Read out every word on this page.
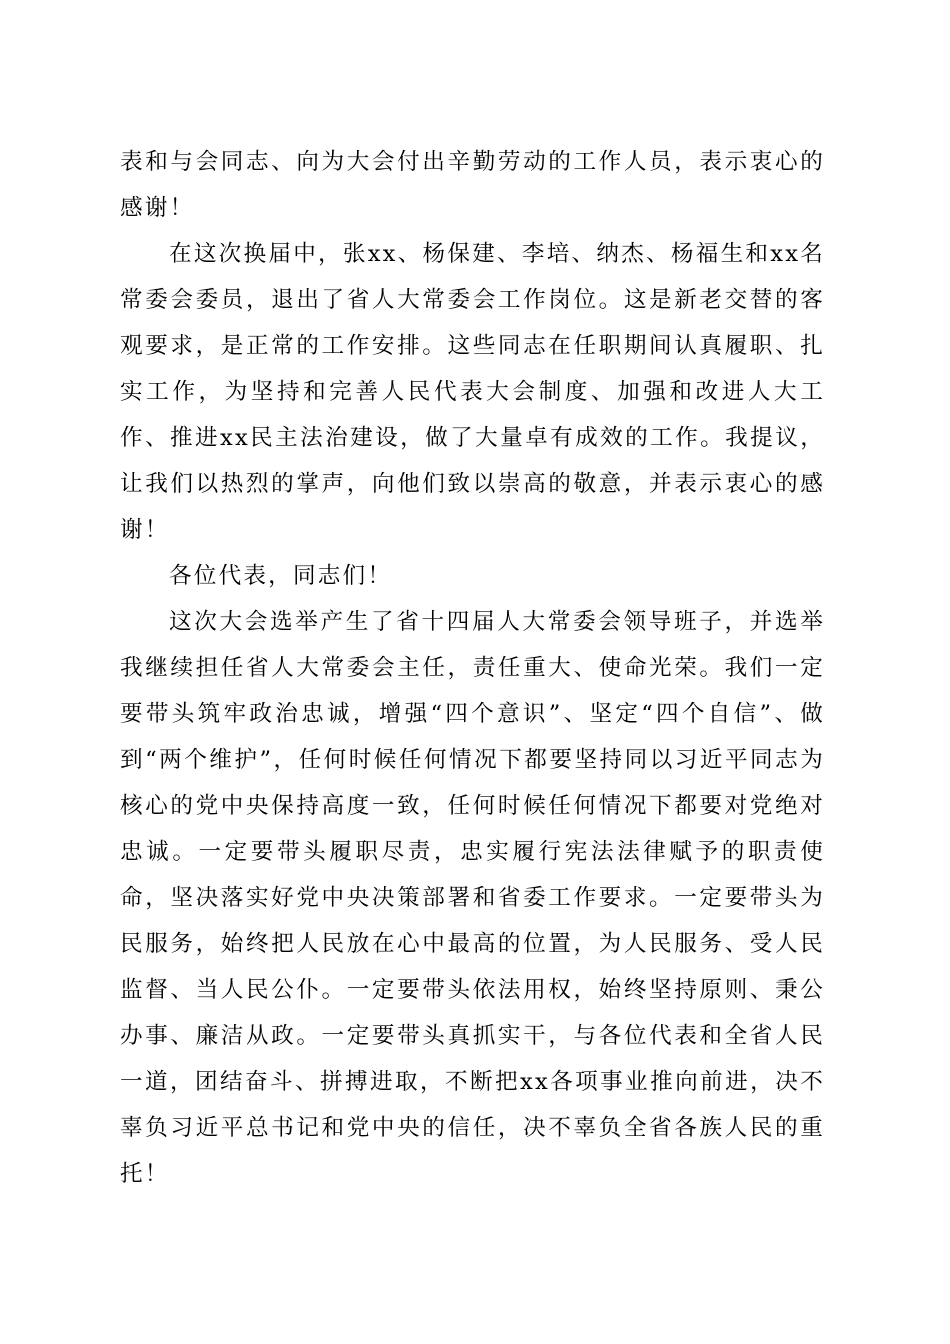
表和与会同志、向为大会付出辛勤劳动的工作人员，表示衷心的感谢！

在这次换届中，张xx、杨保建、李培、纳杰、杨福生和xx名常委会委员，退出了省人大常委会工作岗位。这是新老交替的客观要求，是正常的工作安排。这些同志在任职期间认真履职、扎实工作，为坚持和完善人民代表大会制度、加强和改进人大工作、推进xx民主法治建设，做了大量卓有成效的工作。我提议，让我们以热烈的掌声，向他们致以崇高的敬意，并表示衷心的感谢！

各位代表，同志们！

这次大会选举产生了省十四届人大常委会领导班子，并选举我继续担任省人大常委会主任，责任重大、使命光荣。我们一定要带头筑牢政治忠诚，增强“四个意识”、坚定“四个自信”、做到“两个维护”，任何时候任何情况下都要坚持同以习近平同志为核心的党中央保持高度一致，任何时候任何情况下都要对党绝对忠诚。一定要带头履职尽责，忠实履行宪法法律赋予的职责使命，坚决落实好党中央决策部署和省委工作要求。一定要带头为民服务，始终把人民放在心中最高的位置，为人民服务、受人民监督、当人民公仆。一定要带头依法用权，始终坚持原则、秉公办事、廉洁从政。一定要带头真抓实干，与各位代表和全省人民一道，团结奋斗、拼搏进取，不断把xx各项事业推向前进，决不辜负习近平总书记和党中央的信任，决不辜负全省各族人民的重托！
